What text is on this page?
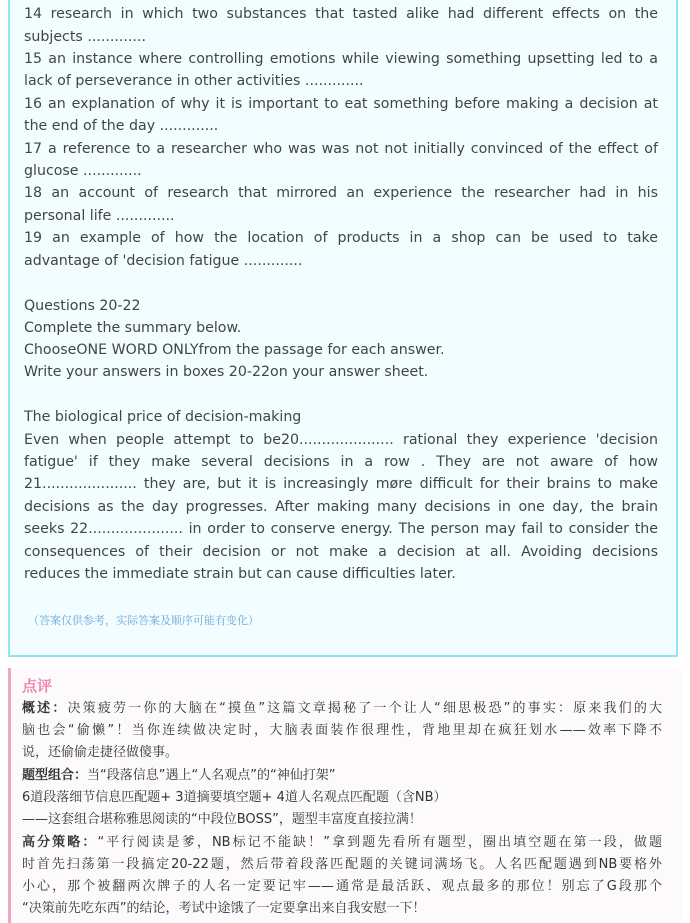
14 research in which two substances that tasted alike had different effects on the

subjects .............

15 an instance where controlling emotions while viewing something upsetting led to a

lack of perseverance in other activities .............

16 an explanation of why it is important to eat something before making a decision at

the end of the day .............

17 a reference to a researcher who was was not not initially convinced of the effect of

glucose .............

18 an account of research that mirrored an experience the researcher had in his

personal life .............

19 an example of how the location of products in a shop can be used to take

advantage of 'decision fatigue .............

Questions 20-22

Complete the summary below.

ChooseONE WORD ONLYfrom the passage for each answer.

Write your answers in boxes 20-22on your answer sheet.

The biological price of decision-making

Even when people attempt to be20..................... rational they experience 'decision

fatigue' if they make several decisions in a row . They are not aware of how

21..................... they are, but it is increasingly møre difficult for their brains to make

decisions as the day progresses. After making many decisions in one day, the brain

seeks 22..................... in order to conserve energy. The person may fail to consider the

consequences of their decision or not make a decision at all. Avoiding decisions

reduces the immediate strain but can cause difficulties later.

（答案仅供参考，实际答案及顺序可能有变化）

点评

概述：决策疲劳一你的大脑在“摸鱼”这篇文章揭秘了一个让人“细思极恐”的事实：原来我们的大

脑也会“偷懒”！当你连续做决定时，大脑表面装作很理性，背地里却在疯狂划水——效率下降不

说，还偷偷走捷径做傻事。

题型组合：当“段落信息”遇上“人名观点”的“神仙打架”

6道段落细节信息匹配题+ 3道摘要填空题+ 4道人名观点匹配题（含NB）

——这套组合堪称雅思阅读的“中段位BOSS”，题型丰富度直接拉满！

高分策略：“平行阅读是爹，NB标记不能缺！”拿到题先看所有题型，圈出填空题在第一段，做题

时首先扫荡第一段搞定20-22题，然后带着段落匹配题的关键词满场飞。人名匹配题遇到NB要格外

小心，那个被翻两次牌子的人名一定要记牢——通常是最活跃、观点最多的那位！别忘了G段那个

“决策前先吃东西”的结论，考试中途饿了一定要拿出来自我安慰一下！
